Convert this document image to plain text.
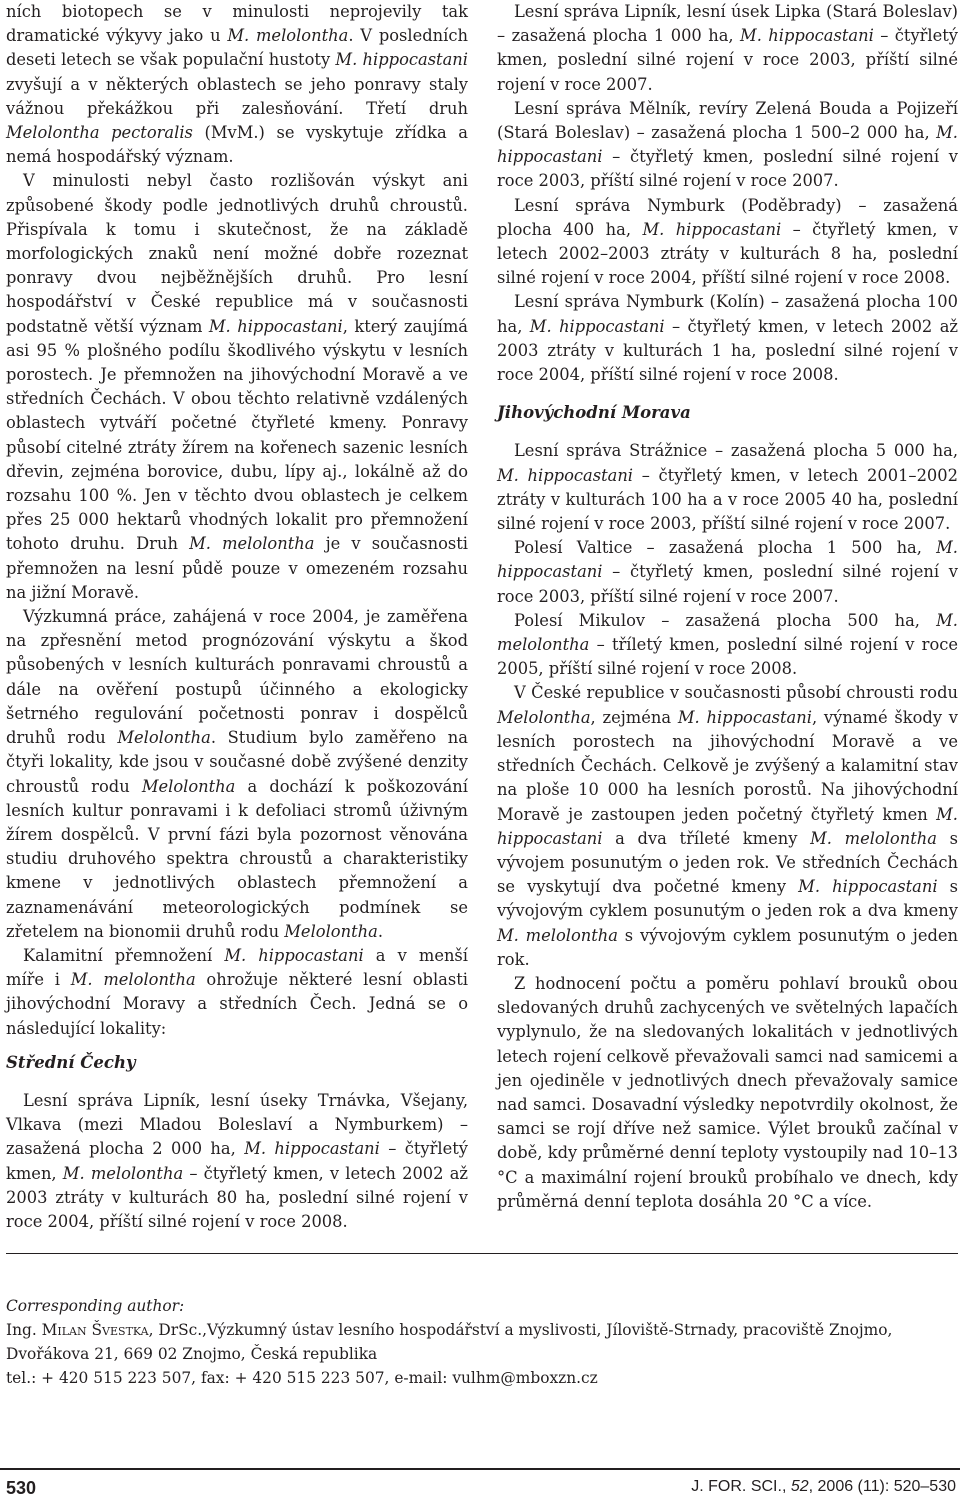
ních biotopech se v minulosti neprojevily tak dramatické výkyvy jako u M. melolontha. V posledních deseti letech se však populační hustoty M. hippocastani zvyšují a v některých oblastech se jeho ponravy staly vážnou překážkou při zalesňování. Třetí druh Melolontha pectoralis (MvM.) se vyskytuje zřídka a nemá hospodářský význam.

V minulosti nebyl často rozlišován výskyt ani způsobené škody podle jednotlivých druhů chroustů. Přispívala k tomu i skutečnost, že na základě morfologických znaků není možné dobře rozeznat ponravy dvou nejběžnějších druhů. Pro lesní hospodářství v České republice má v současnosti podstatně větší význam M. hippocastani, který zaujímá asi 95 % plošného podílu škodlivého výskytu v lesních porostech. Je přemnožen na jihovýchodní Moravě a ve středních Čechách. V obou těchto relativně vzdálených oblastech vytváří početné čtyřleté kmeny. Ponravy působí citelné ztráty žírem na kořenech sazenic lesních dřevin, zejména borovice, dubu, lípy aj., lokálně až do rozsahu 100 %. Jen v těchto dvou oblastech je celkem přes 25 000 hektarů vhodných lokalit pro přemnožení tohoto druhu. Druh M. melolontha je v současnosti přemnožen na lesní půdě pouze v omezeném rozsahu na jižní Moravě.

Výzkumná práce, zahájená v roce 2004, je zaměřena na zpřesnění metod prognózování výskytu a škod působených v lesních kulturách ponravami chroustů a dále na ověření postupů účinného a ekologicky šetrného regulování početnosti ponrav i dospělců druhů rodu Melolontha. Studium bylo zaměřeno na čtyři lokality, kde jsou v současné době zvýšené denzity chroustů rodu Melolontha a dochází k poškozování lesních kultur ponravami i k defoliaci stromů úživným žírem dospělců. V první fázi byla pozornost věnována studiu druhového spektra chroustů a charakteristiky kmene v jednotlivých oblastech přemnožení a zaznamenávání meteorologických podmínek se zřetelem na bionomii druhů rodu Melolontha.

Kalamitní přemnožení M. hippocastani a v menší míře i M. melolontha ohrožuje některé lesní oblasti jihovýchodní Moravy a středních Čech. Jedná se o následující lokality:

Střední Čechy

Lesní správa Lipník, lesní úseky Trnávka, Všejany, Vlkava (mezi Mladou Boleslaví a Nymburkem) – zasažená plocha 2 000 ha, M. hippocastani – čtyřletý kmen, M. melolontha – čtyřletý kmen, v letech 2002 až 2003 ztráty v kulturách 80 ha, poslední silné rojení v roce 2004, příští silné rojení v roce 2008.

Lesní správa Lipník, lesní úsek Lipka (Stará Boleslav) – zasažená plocha 1 000 ha, M. hippocastani – čtyřletý kmen, poslední silné rojení v roce 2003, příští silné rojení v roce 2007.

Lesní správa Mělník, revíry Zelená Bouda a Pojizeří (Stará Boleslav) – zasažená plocha 1 500–2 000 ha, M. hippocastani – čtyřletý kmen, poslední silné rojení v roce 2003, příští silné rojení v roce 2007.

Lesní správa Nymburk (Poděbrady) – zasažená plocha 400 ha, M. hippocastani – čtyřletý kmen, v letech 2002–2003 ztráty v kulturách 8 ha, poslední silné rojení v roce 2004, příští silné rojení v roce 2008.

Lesní správa Nymburk (Kolín) – zasažená plocha 100 ha, M. hippocastani – čtyřletý kmen, v letech 2002 až 2003 ztráty v kulturách 1 ha, poslední silné rojení v roce 2004, příští silné rojení v roce 2008.

Jihovýchodní Morava

Lesní správa Strážnice – zasažená plocha 5 000 ha, M. hippocastani – čtyřletý kmen, v letech 2001–2002 ztráty v kulturách 100 ha a v roce 2005 40 ha, poslední silné rojení v roce 2003, příští silné rojení v roce 2007.

Polesí Valtice – zasažená plocha 1 500 ha, M. hippocastani – čtyřletý kmen, poslední silné rojení v roce 2003, příští silné rojení v roce 2007.

Polesí Mikulov – zasažená plocha 500 ha, M. melolontha – tříletý kmen, poslední silné rojení v roce 2005, příští silné rojení v roce 2008.

V České republice v současnosti působí chrousti rodu Melolontha, zejména M. hippocastani, výnamé škody v lesních porostech na jihovýchodní Moravě a ve středních Čechách. Celkově je zvýšený a kalamitní stav na ploše 10 000 ha lesních porostů. Na jihovýchodní Moravě je zastoupen jeden početný čtyřletý kmen M. hippocastani a dva tříleté kmeny M. melolontha s vývojem posunutým o jeden rok. Ve středních Čechách se vyskytují dva početné kmeny M. hippocastani s vývojovým cyklem posunutým o jeden rok a dva kmeny M. melolontha s vývojovým cyklem posunutým o jeden rok.

Z hodnocení počtu a poměru pohlaví brouků obou sledovaných druhů zachycených ve světelných lapačích vyplynulo, že na sledovaných lokalitách v jednotlivých letech rojení celkově převažovali samci nad samicemi a jen ojediněle v jednotlivých dnech převažovaly samice nad samci. Dosavadní výsledky nepotvrdily okolnost, že samci se rojí dříve než samice. Výlet brouků začínal v době, kdy průměrné denní teploty vystoupily nad 10–13 °C a maximální rojení brouků probíhalo ve dnech, kdy průměrná denní teplota dosáhla 20 °C a více.

Corresponding author:

Ing. Milan Švestka, DrSc.,Výzkumný ústav lesního hospodářství a myslivosti, Jíloviště-Strnady, pracoviště Znojmo,

Dvořákova 21, 669 02 Znojmo, Česká republika

tel.: + 420 515 223 507, fax: + 420 515 223 507, e-mail: vulhm@mboxzn.cz

530	J. FOR. SCI., 52, 2006 (11): 520–530
